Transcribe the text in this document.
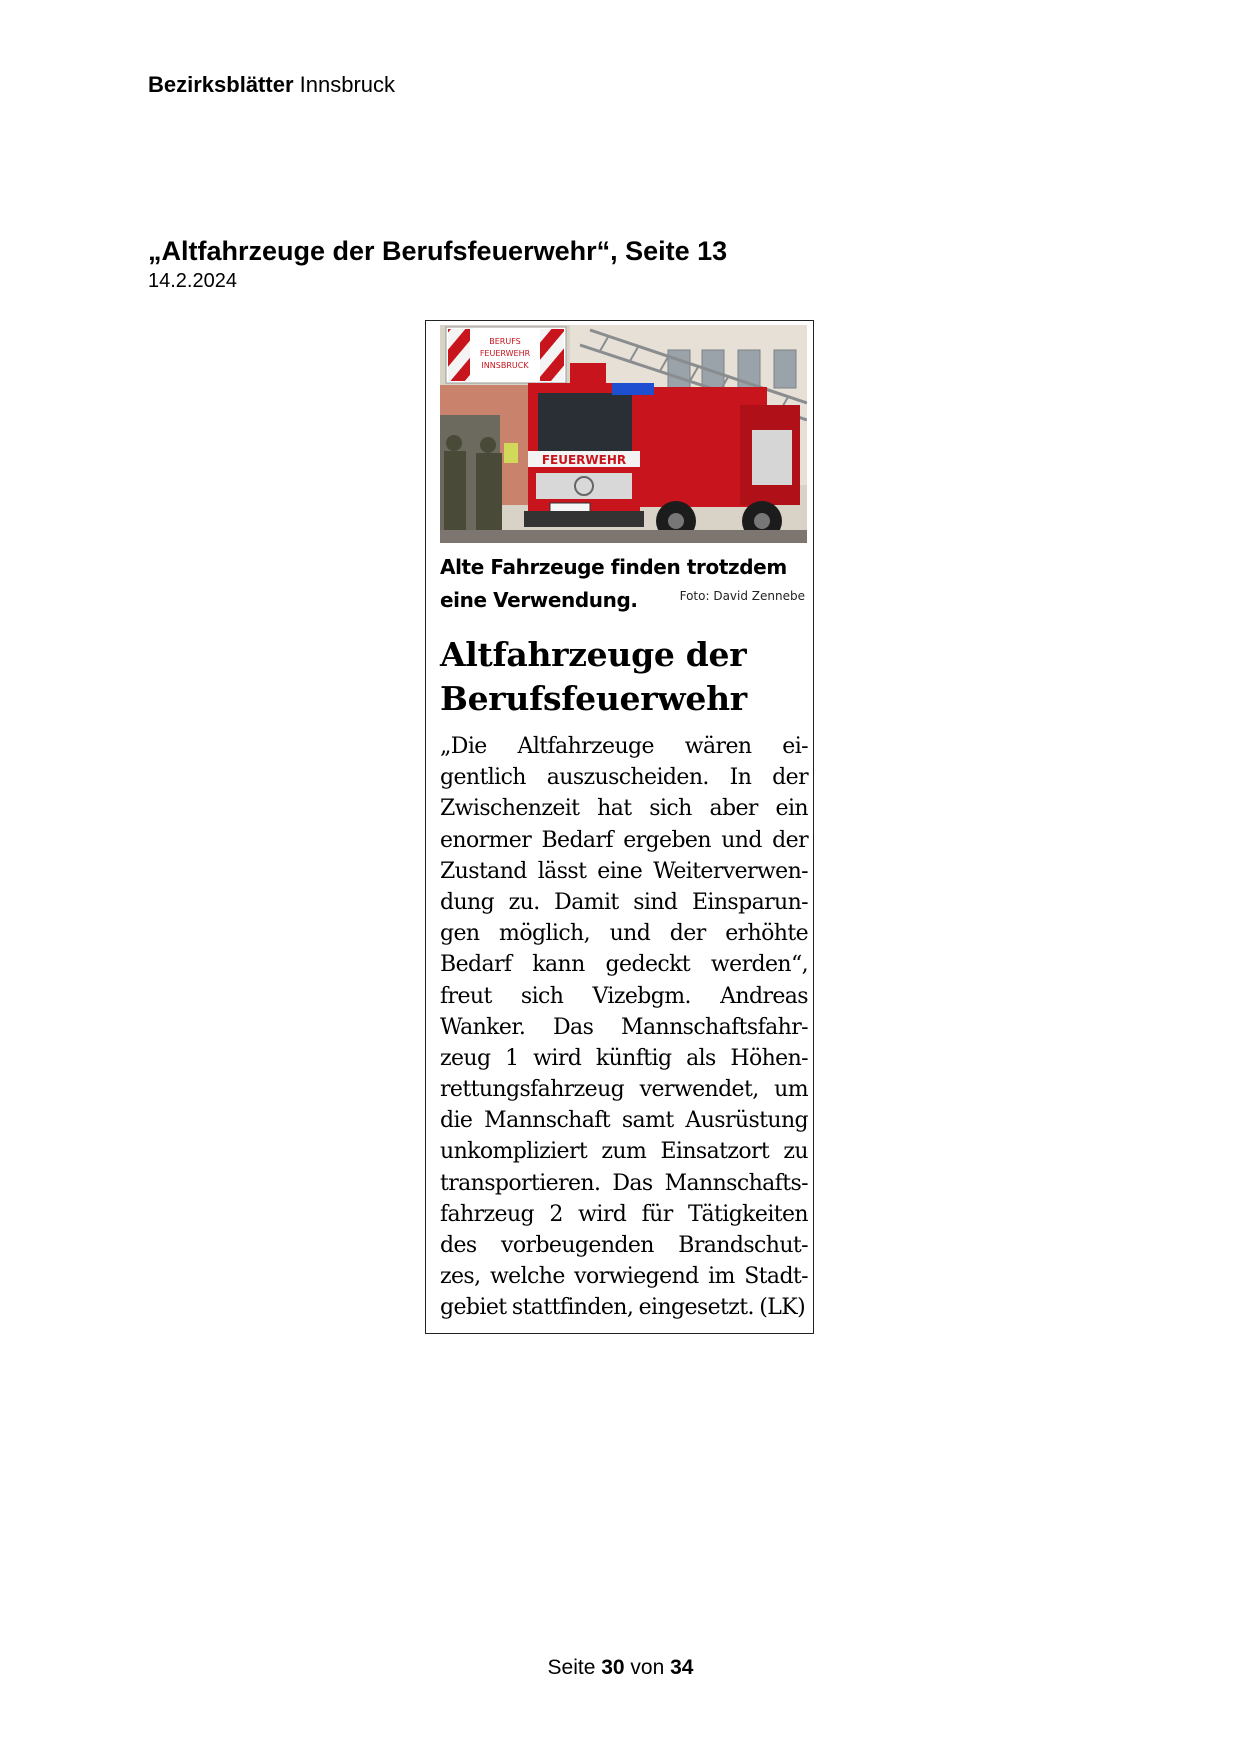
Bezirksblätter Innsbruck
„Altfahrzeuge der Berufsfeuerwehr“, Seite 13
14.2.2024
BERUFS
FEUERWEHR
INNSBRUCK
FEUERWEHR
Alte Fahrzeuge finden trotzdem
eine Verwendung.	Foto: David Zennebe
Altfahrzeuge der
Berufsfeuerwehr
„Die Altfahrzeuge wären ei-
gentlich auszuscheiden. In der
Zwischenzeit hat sich aber ein
enormer Bedarf ergeben und der
Zustand lässt eine Weiterverwen-
dung zu. Damit sind Einsparun-
gen möglich, und der erhöhte
Bedarf kann gedeckt werden“,
freut sich Vizebgm. Andreas
Wanker. Das Mannschaftsfahr-
zeug 1 wird künftig als Höhen-
rettungsfahrzeug verwendet, um
die Mannschaft samt Ausrüstung
unkompliziert zum Einsatzort zu
transportieren. Das Mannschafts-
fahrzeug 2 wird für Tätigkeiten
des vorbeugenden Brandschut-
zes, welche vorwiegend im Stadt-
gebiet stattfinden, eingesetzt. (LK)
Seite 30 von 34
